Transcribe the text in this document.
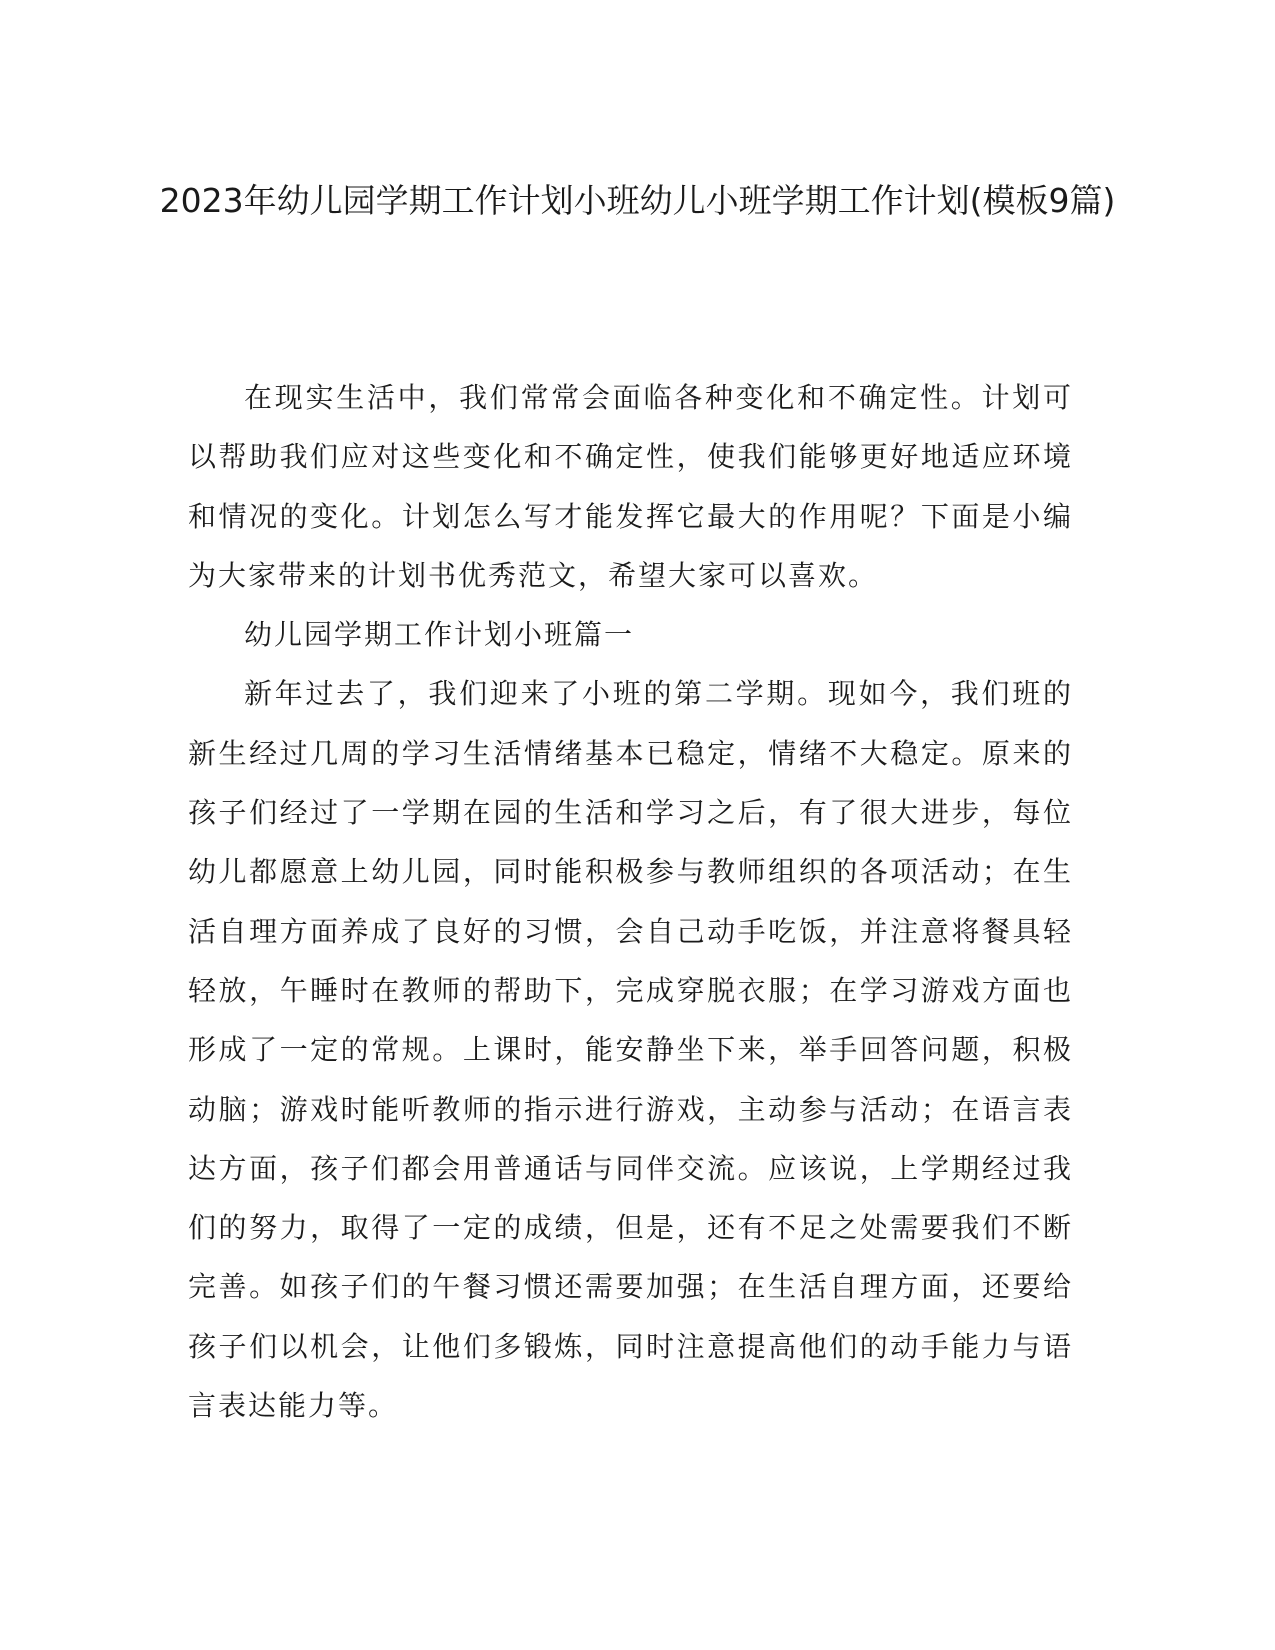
2023年幼儿园学期工作计划小班幼儿小班学期工作计划(模板9篇)

在现实生活中，我们常常会面临各种变化和不确定性。计划可以帮助我们应对这些变化和不确定性，使我们能够更好地适应环境和情况的变化。计划怎么写才能发挥它最大的作用呢？下面是小编为大家带来的计划书优秀范文，希望大家可以喜欢。

幼儿园学期工作计划小班篇一

新年过去了，我们迎来了小班的第二学期。现如今，我们班的新生经过几周的学习生活情绪基本已稳定，情绪不大稳定。原来的孩子们经过了一学期在园的生活和学习之后，有了很大进步，每位幼儿都愿意上幼儿园，同时能积极参与教师组织的各项活动；在生活自理方面养成了良好的习惯，会自己动手吃饭，并注意将餐具轻轻放，午睡时在教师的帮助下，完成穿脱衣服；在学习游戏方面也形成了一定的常规。上课时，能安静坐下来，举手回答问题，积极动脑；游戏时能听教师的指示进行游戏，主动参与活动；在语言表达方面，孩子们都会用普通话与同伴交流。应该说，上学期经过我们的努力，取得了一定的成绩，但是，还有不足之处需要我们不断完善。如孩子们的午餐习惯还需要加强；在生活自理方面，还要给孩子们以机会，让他们多锻炼，同时注意提高他们的动手能力与语言表达能力等。
